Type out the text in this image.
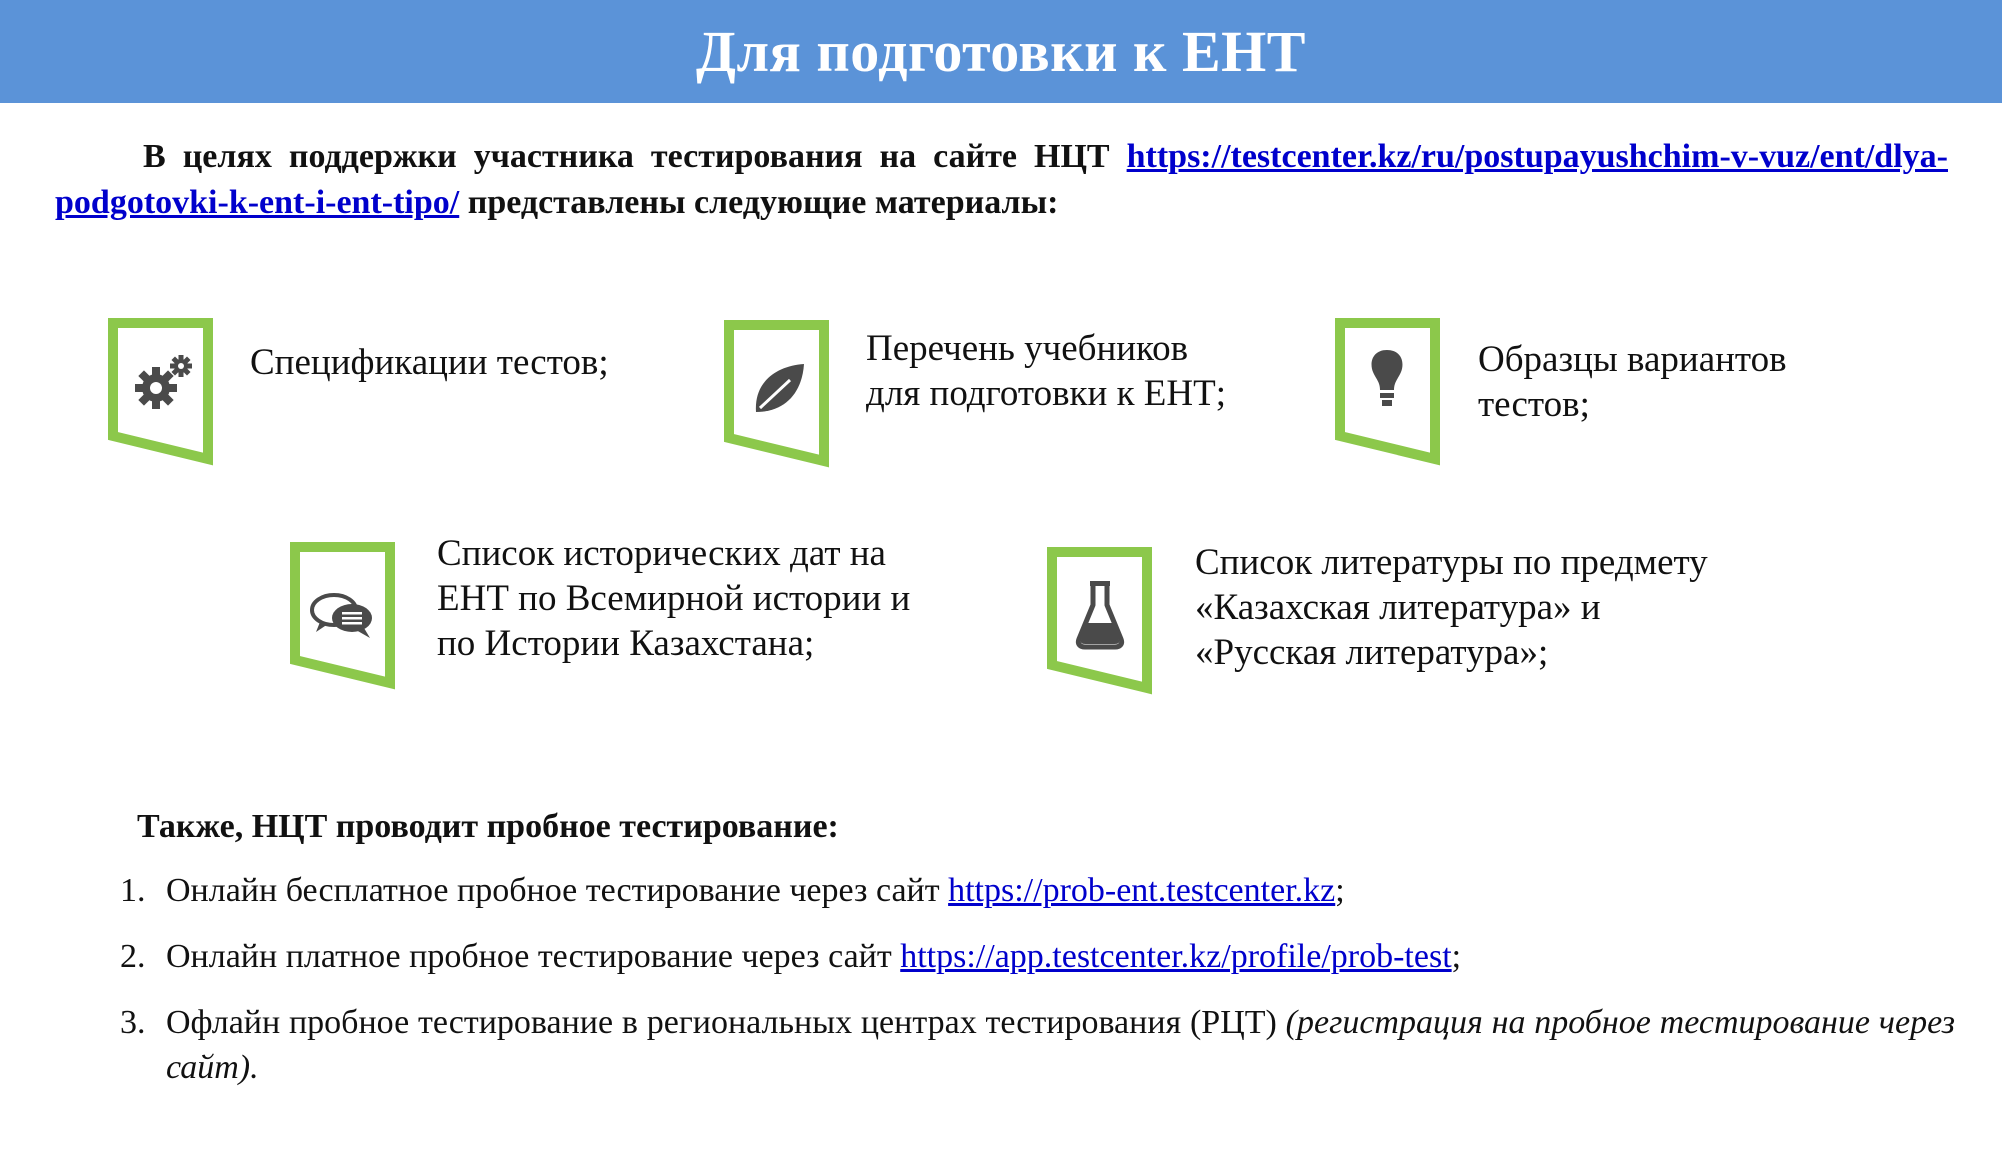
Для подготовки к ЕНТ
В целях поддержки участника тестирования на сайте НЦТ https://testcenter.kz/ru/postupayushchim-v-vuz/ent/dlya-podgotovki-k-ent-i-ent-tipo/ представлены следующие материалы:
Спецификации тестов;	Перечень учебников
для подготовки к ЕНТ;
Образцы вариантов
тестов;
Список исторических дат на
ЕНТ по Всемирной истории и
по Истории Казахстана;
Список литературы по предмету
«Казахская литература» и
«Русская литература»;
Также, НЦТ проводит пробное тестирование:
1. Онлайн бесплатное пробное тестирование через сайт https://prob-ent.testcenter.kz;
2. Онлайн платное пробное тестирование через сайт https://app.testcenter.kz/profile/prob-test;
3. Офлайн пробное тестирование в региональных центрах тестирования (РЦТ) (регистрация на пробное тестирование через сайт).
